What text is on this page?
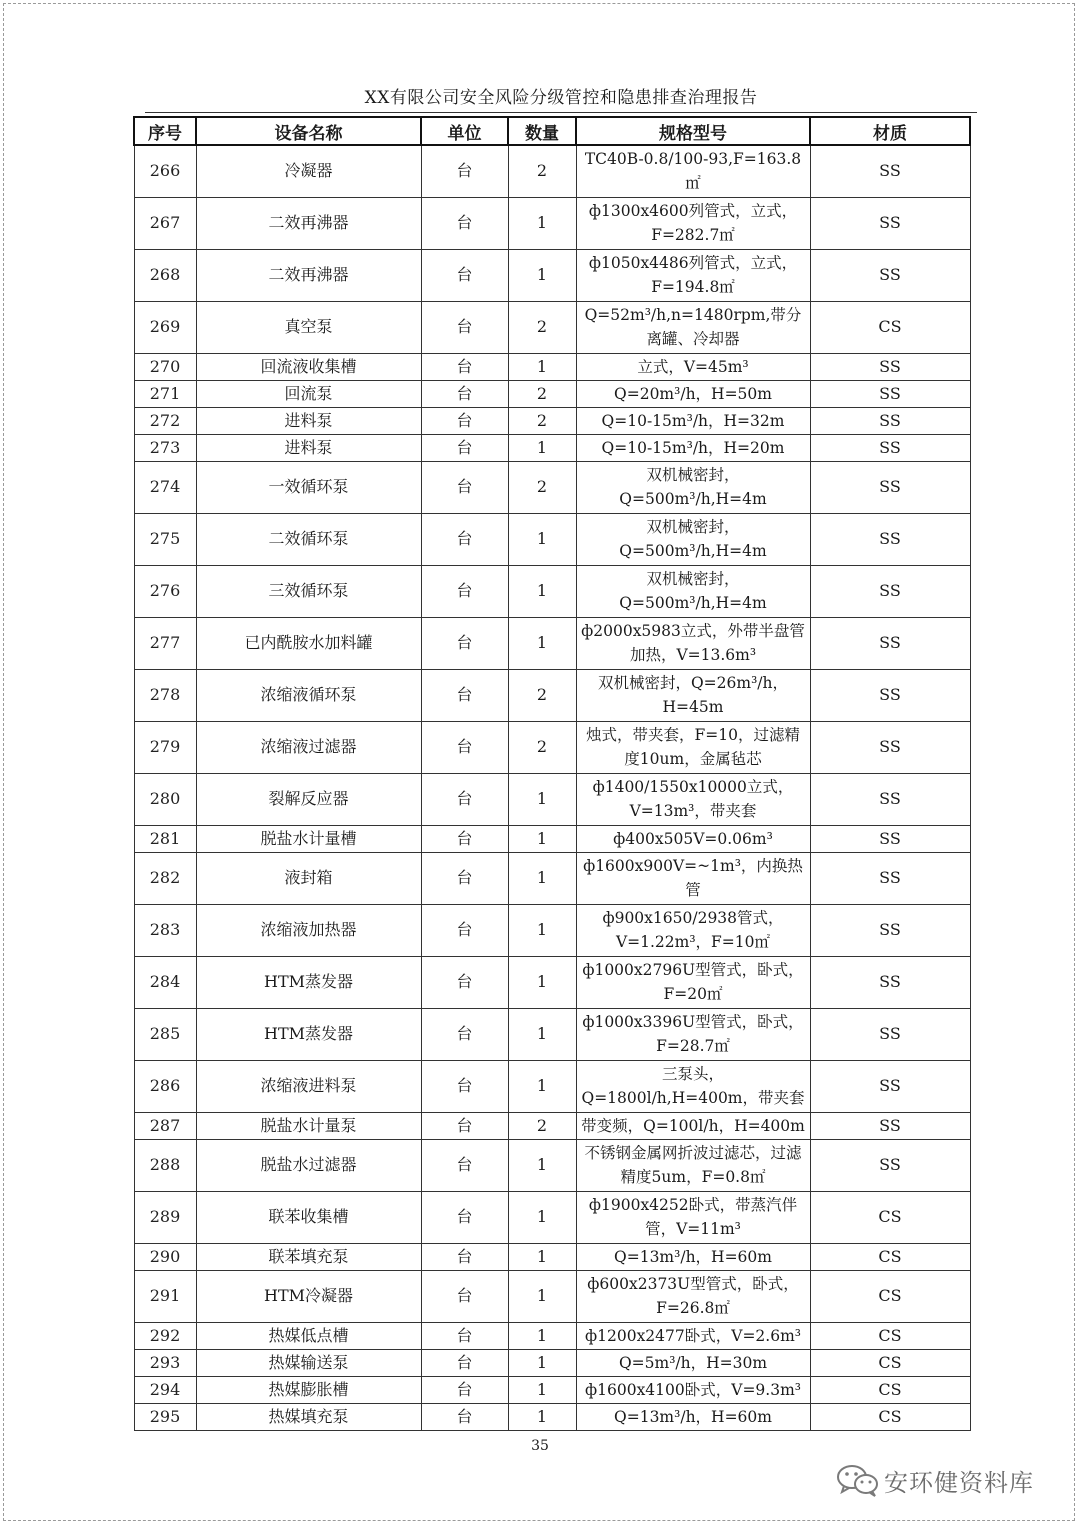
XX有限公司安全风险分级管控和隐患排查治理报告
序号	设备名称	单位	数量	规格型号	材质
266	冷凝器	台	2	TC40B-0.8/100-93,F=163.8㎡	SS
267	二效再沸器	台	1	ф1300x4600列管式，立式，F=282.7㎡	SS
268	二效再沸器	台	1	ф1050x4486列管式，立式，F=194.8㎡	SS
269	真空泵	台	2	Q=52m³/h,n=1480rpm,带分离罐、冷却器	CS
270	回流液收集槽	台	1	立式，V=45m³	SS
271	回流泵	台	2	Q=20m³/h，H=50m	SS
272	进料泵	台	2	Q=10-15m³/h，H=32m	SS
273	进料泵	台	1	Q=10-15m³/h，H=20m	SS
274	一效循环泵	台	2	双机械密封，Q=500m³/h,H=4m	SS
275	二效循环泵	台	1	双机械密封，Q=500m³/h,H=4m	SS
276	三效循环泵	台	1	双机械密封，Q=500m³/h,H=4m	SS
277	已内酰胺水加料罐	台	1	ф2000x5983立式，外带半盘管加热，V=13.6m³	SS
278	浓缩液循环泵	台	2	双机械密封，Q=26m³/h，H=45m	SS
279	浓缩液过滤器	台	2	烛式，带夹套，F=10，过滤精度10um，金属毡芯	SS
280	裂解反应器	台	1	ф1400/1550x10000立式，V=13m³，带夹套	SS
281	脱盐水计量槽	台	1	ф400x505V=0.06m³	SS
282	液封箱	台	1	ф1600x900V=~1m³，内换热管	SS
283	浓缩液加热器	台	1	ф900x1650/2938管式，V=1.22m³，F=10㎡	SS
284	HTM蒸发器	台	1	ф1000x2796U型管式，卧式，F=20㎡	SS
285	HTM蒸发器	台	1	ф1000x3396U型管式，卧式，F=28.7㎡	SS
286	浓缩液进料泵	台	1	三泵头，Q=1800l/h,H=400m，带夹套	SS
287	脱盐水计量泵	台	2	带变频，Q=100l/h，H=400m	SS
288	脱盐水过滤器	台	1	不锈钢金属网折波过滤芯，过滤精度5um，F=0.8㎡	SS
289	联苯收集槽	台	1	ф1900x4252卧式，带蒸汽伴管，V=11m³	CS
290	联苯填充泵	台	1	Q=13m³/h，H=60m	CS
291	HTM冷凝器	台	1	ф600x2373U型管式，卧式，F=26.8㎡	CS
292	热媒低点槽	台	1	ф1200x2477卧式，V=2.6m³	CS
293	热媒输送泵	台	1	Q=5m³/h，H=30m	CS
294	热媒膨胀槽	台	1	ф1600x4100卧式，V=9.3m³	CS
295	热媒填充泵	台	1	Q=13m³/h，H=60m	CS
35
安环健资料库
